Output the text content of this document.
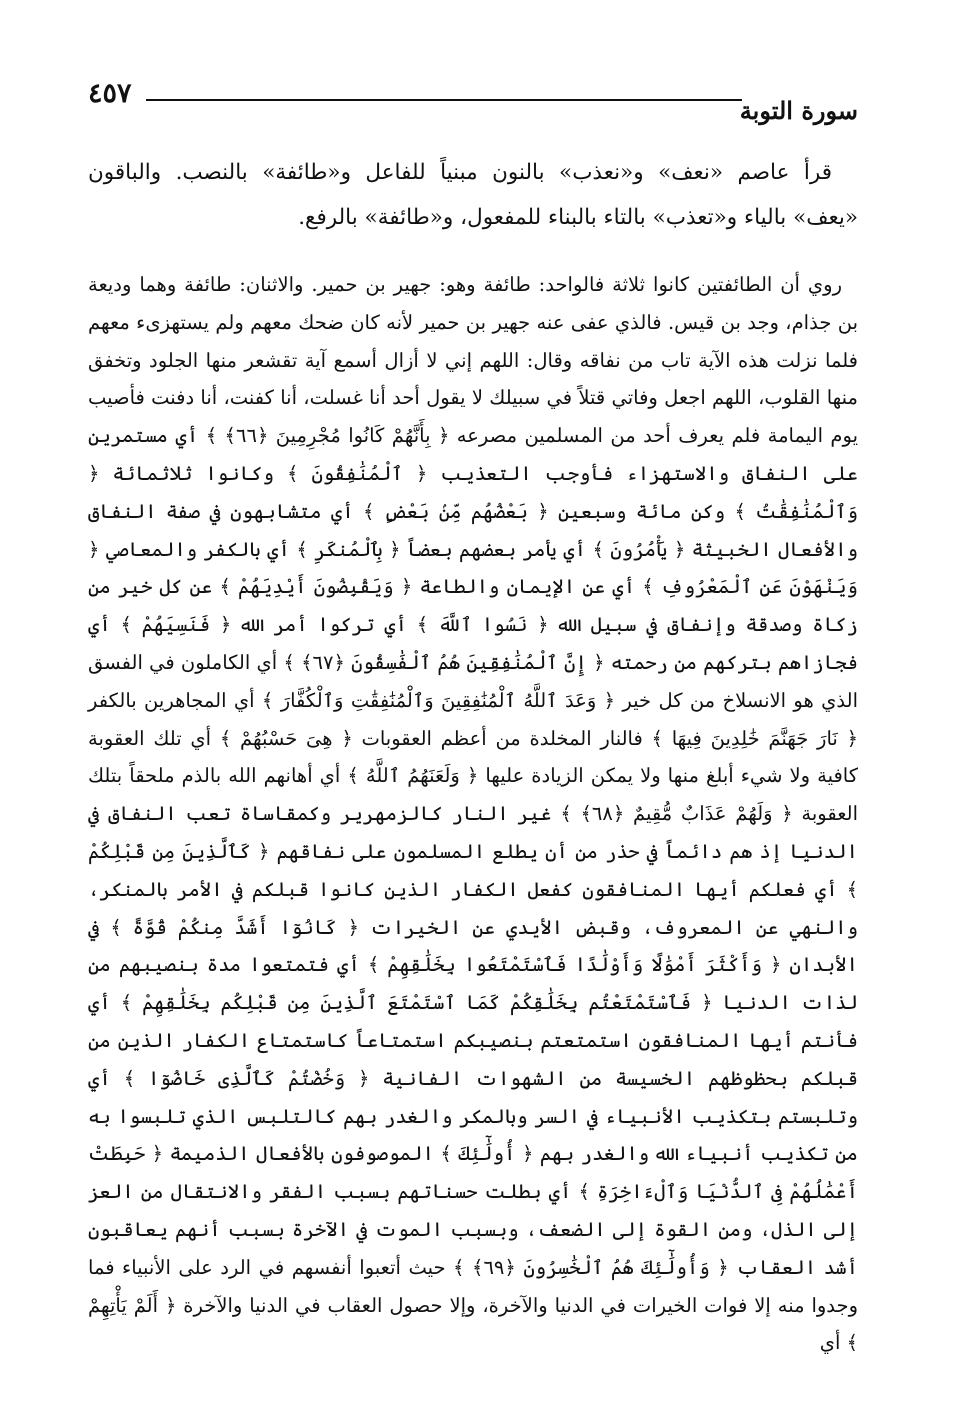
٤٥٧
سورة التوبة

قرأ عاصم «نعف» و«نعذب» بالنون مبنياً للفاعل و«طائفة» بالنصب. والباقون «يعف» بالياء و«تعذب» بالتاء بالبناء للمفعول، و«طائفة» بالرفع.

روي أن الطائفتين كانوا ثلاثة فالواحد: طائفة وهو: جهير بن حمير. والاثنان: طائفة وهما وديعة بن جذام، وجد بن قيس. فالذي عفى عنه جهير بن حمير لأنه كان ضحك معهم ولم يستهزىء معهم فلما نزلت هذه الآية تاب من نفاقه وقال: اللهم إني لا أزال أسمع آية تقشعر منها الجلود وتخفق منها القلوب، اللهم اجعل وفاتي قتلاً في سبيلك لا يقول أحد أنا غسلت، أنا كفنت، أنا دفنت فأصيب يوم اليمامة فلم يعرف أحد من المسلمين مصرعه ﴿ بِأَنَّهُمْ كَانُوا مُجْرِمِينَ ﴿٦٦﴾ ﴾ أي مستمرين على النفاق والاستهزاء فأوجب التعذيب ﴿ ٱلْمُنَٰفِقُونَ ﴾ وكانوا ثلاثمائة ﴿ وَٱلْمُنَٰفِقَٰتُ ﴾ وكن مائة وسبعين ﴿ بَعْضُهُم مِّنۢ بَعْضٍ ﴾ أي متشابهون في صفة النفاق والأفعال الخبيثة ﴿ يَأْمُرُونَ ﴾ أي يأمر بعضهم بعضاً ﴿ بِٱلْمُنكَرِ ﴾ أي بالكفر والمعاصي ﴿ وَيَنْهَوْنَ عَنِ ٱلْمَعْرُوفِ ﴾ أي عن الإيمان والطاعة ﴿ وَيَقْبِضُونَ أَيْدِيَهُمْ ﴾ عن كل خير من زكاة وصدقة وإنفاق في سبيل الله ﴿ نَسُوا ٱللَّهَ ﴾ أي تركوا أمر الله ﴿ فَنَسِيَهُمْ ﴾ أي فجازاهم بتركهم من رحمته ﴿ إِنَّ ٱلْمُنَٰفِقِينَ هُمُ ٱلْفَٰسِقُونَ ﴿٦٧﴾ ﴾ أي الكاملون في الفسق الذي هو الانسلاخ من كل خير ﴿ وَعَدَ ٱللَّهُ ٱلْمُنَٰفِقِينَ وَٱلْمُنَٰفِقَٰتِ وَٱلْكُفَّارَ ﴾ أي المجاهرين بالكفر ﴿ نَارَ جَهَنَّمَ خَٰلِدِينَ فِيهَا ﴾ فالنار المخلدة من أعظم العقوبات ﴿ هِىَ حَسْبُهُمْ ﴾ أي تلك العقوبة كافية ولا شيء أبلغ منها ولا يمكن الزيادة عليها ﴿ وَلَعَنَهُمُ ٱللَّهُ ﴾ أي أهانهم الله بالذم ملحقاً بتلك العقوبة ﴿ وَلَهُمْ عَذَابٌ مُّقِيمٌ ﴿٦٨﴾ ﴾ غير النار كالزمهرير وكمقاساة تعب النفاق في الدنيا إذ هم دائماً في حذر من أن يطلع المسلمون على نفاقهم ﴿ كَٱلَّذِينَ مِن قَبْلِكُمْ ﴾ أي فعلكم أيها المنافقون كفعل الكفار الذين كانوا قبلكم في الأمر بالمنكر، والنهي عن المعروف، وقبض الأيدي عن الخيرات ﴿ كَانُوٓا أَشَدَّ مِنكُمْ قُوَّةً ﴾ في الأبدان ﴿ وَأَكْثَرَ أَمْوَٰلًا وَأَوْلَٰدًا فَٱسْتَمْتَعُوا بِخَلَٰقِهِمْ ﴾ أي فتمتعوا مدة بنصيبهم من لذات الدنيا ﴿ فَٱسْتَمْتَعْتُم بِخَلَٰقِكُمْ كَمَا ٱسْتَمْتَعَ ٱلَّذِينَ مِن قَبْلِكُم بِخَلَٰقِهِمْ ﴾ أي فأنتم أيها المنافقون استمتعتم بنصيبكم استمتاعاً كاستمتاع الكفار الذين من قبلكم بحظوظهم الخسيسة من الشهوات الفانية ﴿ وَخُضْتُمْ كَٱلَّذِى خَاضُوٓا ﴾ أي وتلبستم بتكذيب الأنبياء في السر وبالمكر والغدر بهم كالتلبس الذي تلبسوا به من تكذيب أنبياء الله والغدر بهم ﴿ أُولَٰٓئِكَ ﴾ الموصوفون بالأفعال الذميمة ﴿ حَبِطَتْ أَعْمَٰلُهُمْ فِى ٱلدُّنْيَا وَٱلْءَاخِرَةِ ﴾ أي بطلت حسناتهم بسبب الفقر والانتقال من العز إلى الذل، ومن القوة إلى الضعف، وبسبب الموت في الآخرة بسبب أنهم يعاقبون أشد العقاب ﴿ وَأُولَٰٓئِكَ هُمُ ٱلْخَٰسِرُونَ ﴿٦٩﴾ ﴾ حيث أتعبوا أنفسهم في الرد على الأنبياء فما وجدوا منه إلا فوات الخيرات في الدنيا والآخرة، وإلا حصول العقاب في الدنيا والآخرة ﴿ أَلَمْ يَأْتِهِمْ ﴾ أي
